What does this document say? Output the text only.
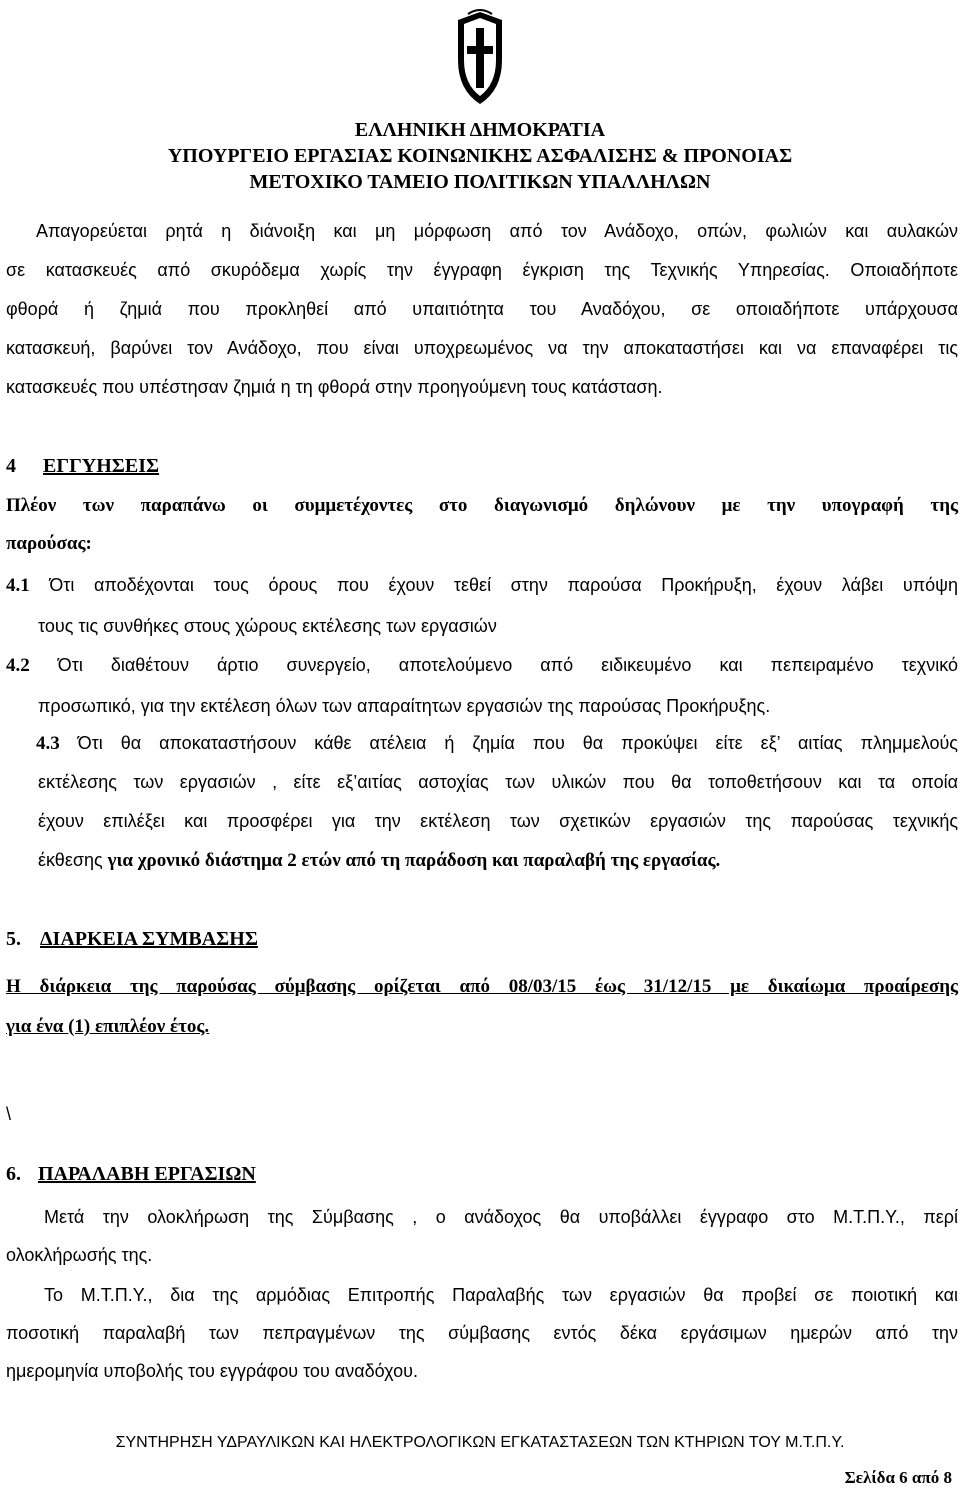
ΕΛΛΗΝΙΚΗ ΔΗΜΟΚΡΑΤΙΑ
ΥΠΟΥΡΓΕΙΟ ΕΡΓΑΣΙΑΣ ΚΟΙΝΩΝΙΚΗΣ ΑΣΦΑΛΙΣΗΣ & ΠΡΟΝΟΙΑΣ
ΜΕΤΟΧΙΚΟ ΤΑΜΕΙΟ ΠΟΛΙΤΙΚΩΝ ΥΠΑΛΛΗΛΩΝ
Απαγορεύεται ρητά η διάνοιξη και μη μόρφωση από τον Ανάδοχο, οπών, φωλιών και αυλακών
σε κατασκευές από σκυρόδεμα χωρίς την έγγραφη έγκριση της Τεχνικής Υπηρεσίας. Οποιαδήποτε
φθορά ή ζημιά που προκληθεί από υπαιτιότητα του Αναδόχου, σε οποιαδήποτε υπάρχουσα
κατασκευή, βαρύνει τον Ανάδοχο, που είναι υποχρεωμένος να την αποκαταστήσει και να επαναφέρει τις
κατασκευές που υπέστησαν ζημιά η τη φθορά στην προηγούμενη τους κατάσταση.
4 ΕΓΓΥΗΣΕΙΣ
Πλέον των παραπάνω οι συμμετέχοντες στο διαγωνισμό δηλώνουν με την υπογραφή της
παρούσας:
4.1 Ότι αποδέχονται τους όρους που έχουν τεθεί στην παρούσα Προκήρυξη, έχουν λάβει υπόψη
τους τις συνθήκες στους χώρους εκτέλεσης των εργασιών
4.2 Ότι διαθέτουν άρτιο συνεργείο, αποτελούμενο από ειδικευμένο και πεπειραμένο τεχνικό
προσωπικό, για την εκτέλεση όλων των απαραίτητων εργασιών της παρούσας Προκήρυξης.
4.3 Ότι θα αποκαταστήσουν κάθε ατέλεια ή ζημία που θα προκύψει είτε εξ’ αιτίας πλημμελούς
εκτέλεσης των εργασιών , είτε εξ’αιτίας αστοχίας των υλικών που θα τοποθετήσουν και τα οποία
έχουν επιλέξει και προσφέρει για την εκτέλεση των σχετικών εργασιών της παρούσας τεχνικής
έκθεσης για χρονικό διάστημα 2 ετών από τη παράδοση και παραλαβή της εργασίας.
5. ΔΙΑΡΚΕΙΑ ΣΥΜΒΑΣΗΣ
Η διάρκεια της παρούσας σύμβασης ορίζεται από 08/03/15 έως 31/12/15 με δικαίωμα προαίρεσης
για ένα (1) επιπλέον έτος.
\
6. ΠΑΡΑΛΑΒΗ ΕΡΓΑΣΙΩΝ
Μετά την ολοκλήρωση της Σύμβασης , ο ανάδοχος θα υποβάλλει έγγραφο στο Μ.Τ.Π.Υ., περί
ολοκλήρωσής της.
Το Μ.Τ.Π.Υ., δια της αρμόδιας Επιτροπής Παραλαβής των εργασιών θα προβεί σε ποιοτική και
ποσοτική παραλαβή των πεπραγμένων της σύμβασης εντός δέκα εργάσιμων ημερών από την
ημερομηνία υποβολής του εγγράφου του αναδόχου.
ΣΥΝΤΗΡΗΣΗ ΥΔΡΑΥΛΙΚΩΝ ΚΑΙ ΗΛΕΚΤΡΟΛΟΓΙΚΩΝ ΕΓΚΑΤΑΣΤΑΣΕΩΝ ΤΩΝ ΚΤΗΡΙΩΝ ΤΟΥ Μ.Τ.Π.Υ.
Σελίδα 6 από 8
